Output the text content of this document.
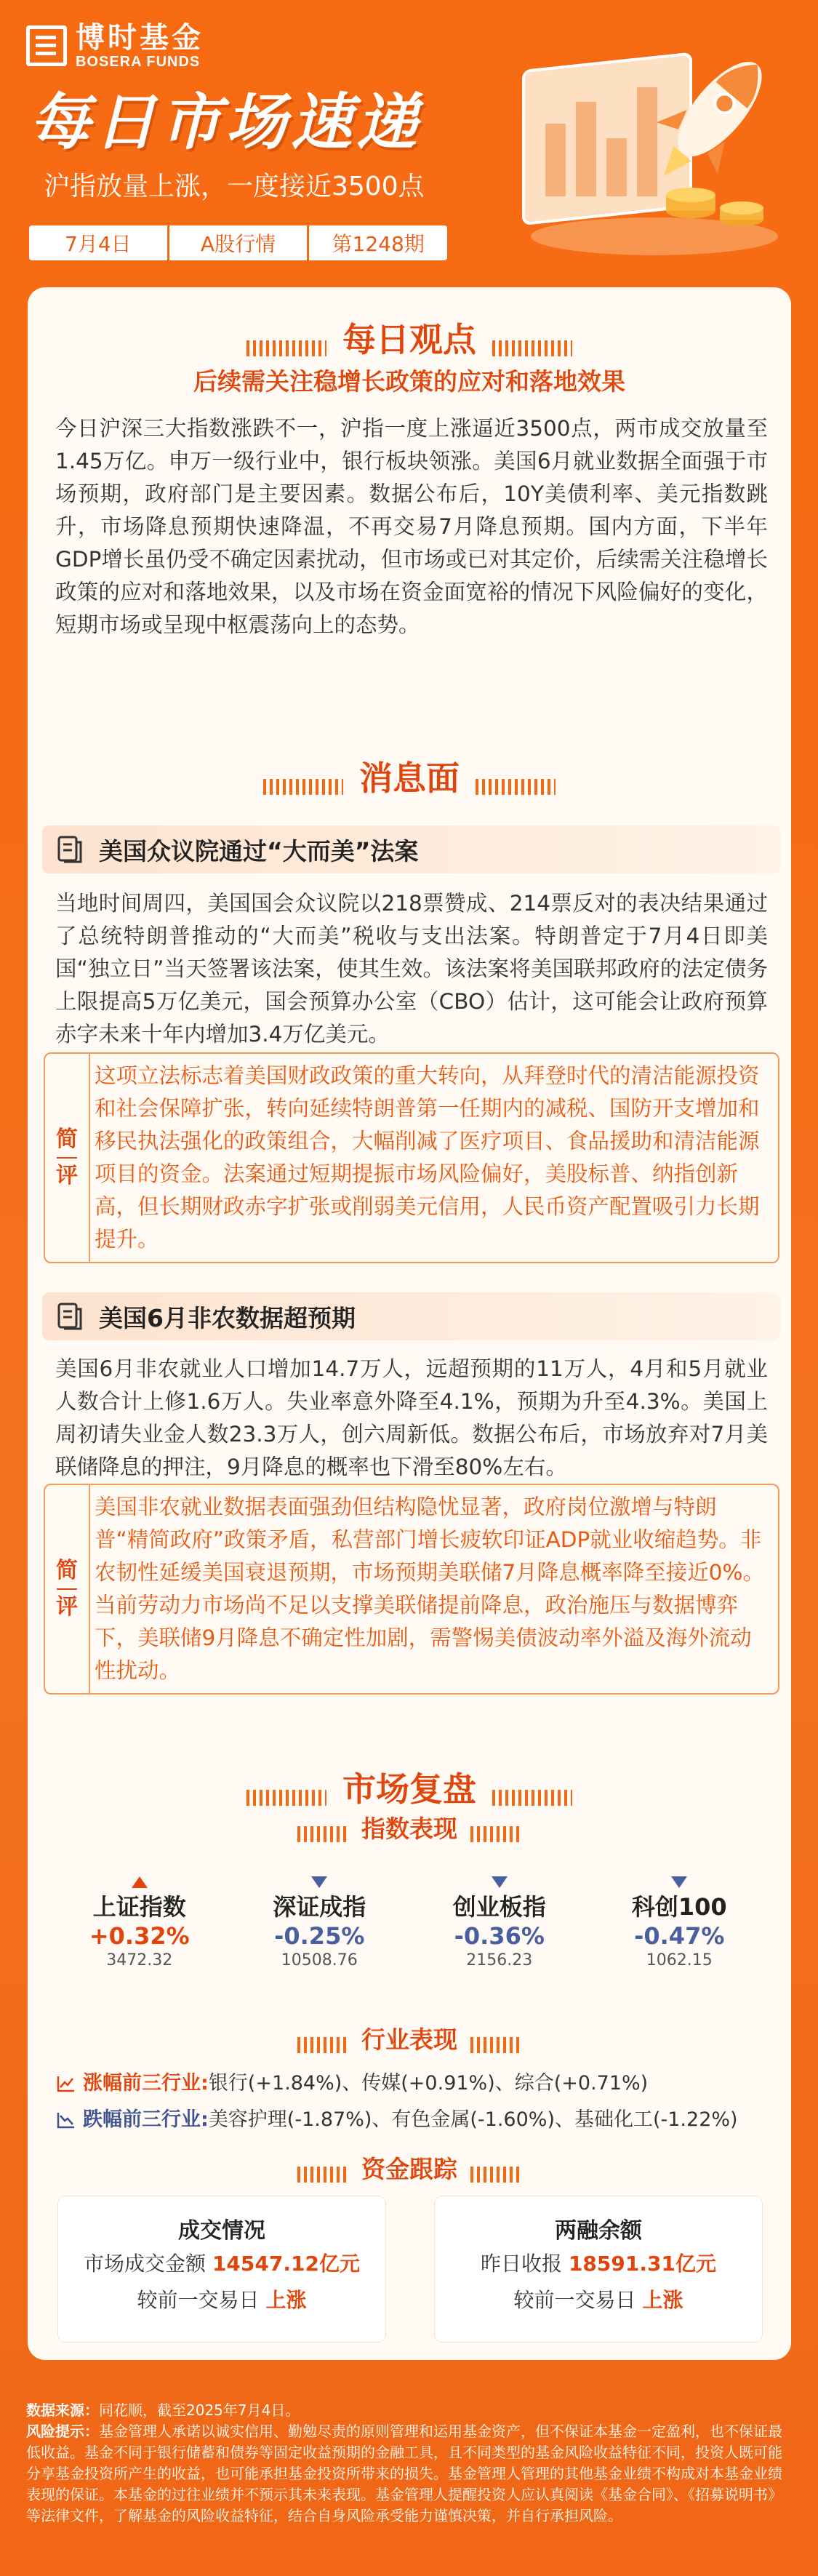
博时基金
BOSERA FUNDS
每日市场速递
沪指放量上涨，一度接近3500点
7月4日	A股行情	第1248期
每日观点
后续需关注稳增长政策的应对和落地效果
今日沪深三大指数涨跌不一，沪指一度上涨逼近3500点，两市成交放量至1.45万亿。申万一级行业中，银行板块领涨。美国6月就业数据全面强于市场预期，政府部门是主要因素。数据公布后，10Y美债利率、美元指数跳升，市场降息预期快速降温，不再交易7月降息预期。国内方面，下半年GDP增长虽仍受不确定因素扰动，但市场或已对其定价，后续需关注稳增长政策的应对和落地效果，以及市场在资金面宽裕的情况下风险偏好的变化，短期市场或呈现中枢震荡向上的态势。
消息面
美国众议院通过“大而美”法案
当地时间周四，美国国会众议院以218票赞成、214票反对的表决结果通过了总统特朗普推动的“大而美”税收与支出法案。特朗普定于7月4日即美国“独立日”当天签署该法案，使其生效。该法案将美国联邦政府的法定债务上限提高5万亿美元，国会预算办公室（CBO）估计，这可能会让政府预算赤字未来十年内增加3.4万亿美元。
简
评
这项立法标志着美国财政政策的重大转向，从拜登时代的清洁能源投资和社会保障扩张，转向延续特朗普第一任期内的减税、国防开支增加和移民执法强化的政策组合，大幅削减了医疗项目、食品援助和清洁能源项目的资金。法案通过短期提振市场风险偏好，美股标普、纳指创新高，但长期财政赤字扩张或削弱美元信用，人民币资产配置吸引力长期提升。
美国6月非农数据超预期
美国6月非农就业人口增加14.7万人，远超预期的11万人，4月和5月就业人数合计上修1.6万人。失业率意外降至4.1%，预期为升至4.3%。美国上周初请失业金人数23.3万人，创六周新低。数据公布后，市场放弃对7月美联储降息的押注，9月降息的概率也下滑至80%左右。
简
评
美国非农就业数据表面强劲但结构隐忧显著，政府岗位激增与特朗普“精简政府”政策矛盾，私营部门增长疲软印证ADP就业收缩趋势。非农韧性延缓美国衰退预期，市场预期美联储7月降息概率降至接近0%。当前劳动力市场尚不足以支撑美联储提前降息，政治施压与数据博弈下，美联储9月降息不确定性加剧，需警惕美债波动率外溢及海外流动性扰动。
市场复盘
指数表现
上证指数
+0.32%
3472.32
深证成指
-0.25%
10508.76
创业板指
-0.36%
2156.23
科创100
-0.47%
1062.15
行业表现
涨幅前三行业: 银行(+1.84%)、传媒(+0.91%)、综合(+0.71%)
跌幅前三行业: 美容护理(-1.87%)、有色金属(-1.60%)、基础化工(-1.22%)
资金跟踪
成交情况
市场成交金额 14547.12亿元
较前一交易日 上涨
两融余额
昨日收报 18591.31亿元
较前一交易日 上涨
数据来源：同花顺，截至2025年7月4日。
风险提示：基金管理人承诺以诚实信用、勤勉尽责的原则管理和运用基金资产，但不保证本基金一定盈利，也不保证最低收益。基金不同于银行储蓄和债券等固定收益预期的金融工具，且不同类型的基金风险收益特征不同，投资人既可能分享基金投资所产生的收益，也可能承担基金投资所带来的损失。基金管理人管理的其他基金业绩不构成对本基金业绩表现的保证。本基金的过往业绩并不预示其未来表现。基金管理人提醒投资人应认真阅读《基金合同》、《招募说明书》等法律文件，了解基金的风险收益特征，结合自身风险承受能力谨慎决策，并自行承担风险。
